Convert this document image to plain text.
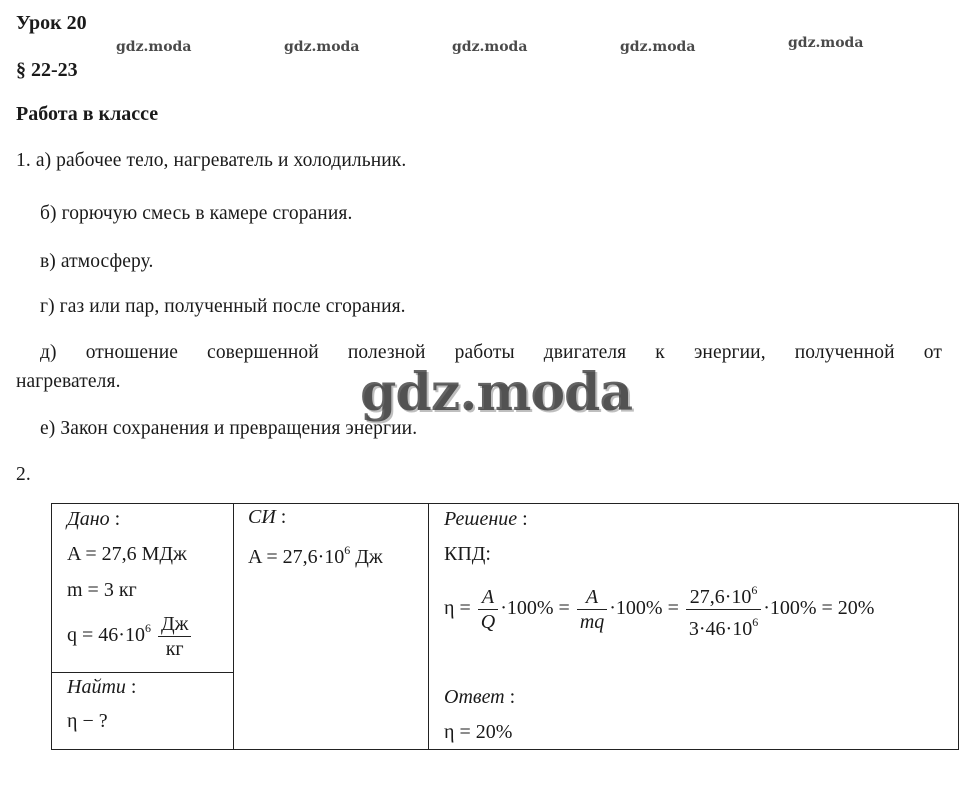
Урок 20
§ 22-23
Работа в классе
gdz.moda	gdz.moda	gdz.moda	gdz.moda	gdz.moda
1. а) рабочее тело, нагреватель и холодильник.
б) горючую смесь в камере сгорания.
в) атмосферу.
г) газ или пар, полученный после сгорания.
д) отношение совершенной полезной работы двигателя к энергии, полученной от
нагревателя.
е) Закон сохранения и превращения энергии.
gdz.moda
2.
Дано :
A = 27,6 МДж
m = 3 кг
$q = 46\cdot 10^6 \frac{Дж}{кг}$
Найти :
η − ?
СИ :
$A = 27,6\cdot 10^6$ Дж
Решение :
КПД:
$\eta = \frac{A}{Q} \cdot 100\% = \frac{A}{mq} \cdot 100\% = \frac{27,6\cdot 10^6}{3\cdot 46\cdot 10^6} \cdot 100\% = 20\%$
Ответ :
η = 20%
